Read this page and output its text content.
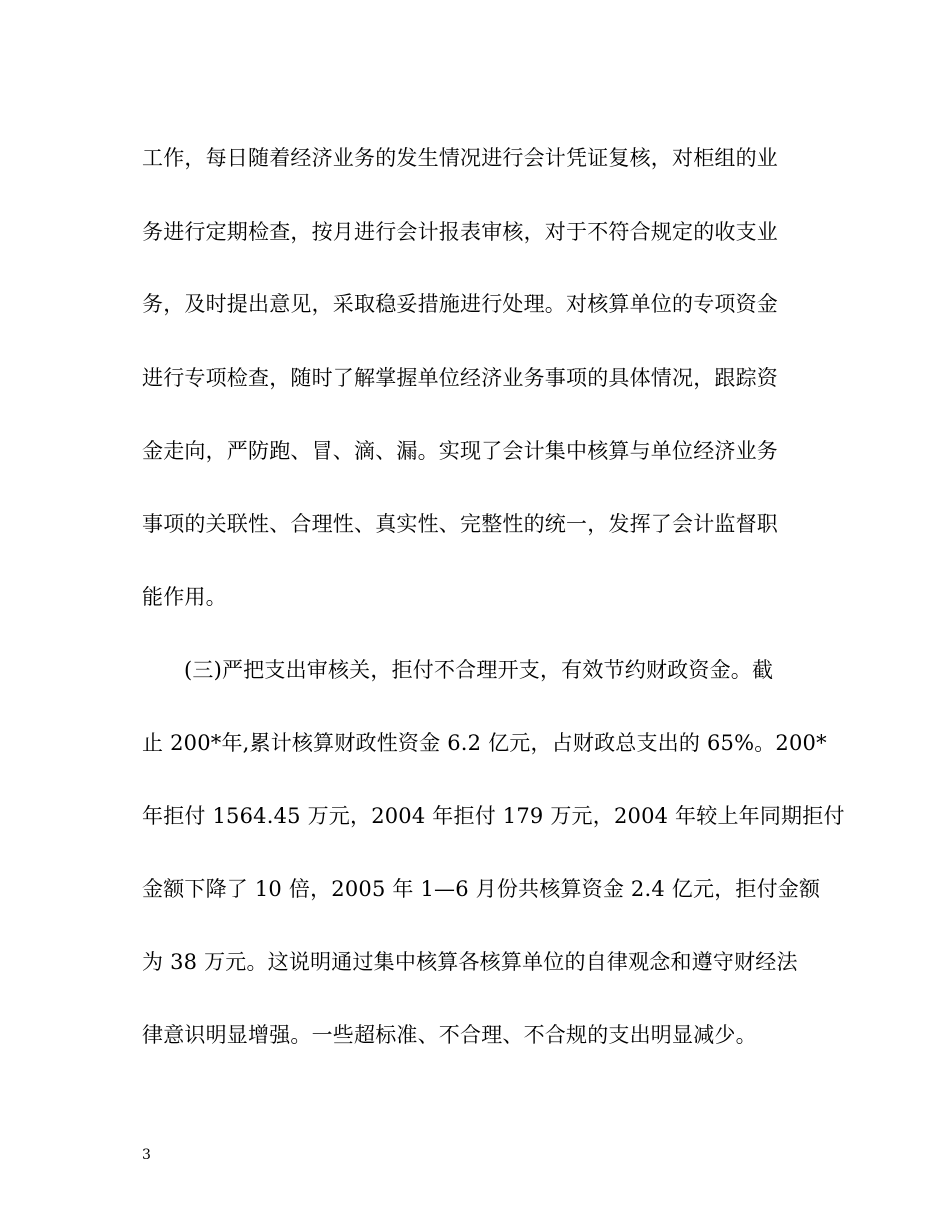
工作，每日随着经济业务的发生情况进行会计凭证复核，对柜组的业
务进行定期检查，按月进行会计报表审核，对于不符合规定的收支业
务，及时提出意见，采取稳妥措施进行处理。对核算单位的专项资金
进行专项检查，随时了解掌握单位经济业务事项的具体情况，跟踪资
金走向，严防跑、冒、滴、漏。实现了会计集中核算与单位经济业务
事项的关联性、合理性、真实性、完整性的统一，发挥了会计监督职
能作用。
(三)严把支出审核关，拒付不合理开支，有效节约财政资金。截
止 200*年,累计核算财政性资金 6.2 亿元，占财政总支出的 65%。200*
年拒付 1564.45 万元，2004 年拒付 179 万元，2004 年较上年同期拒付
金额下降了 10 倍，2005 年 1—6 月份共核算资金 2.4 亿元，拒付金额
为 38 万元。这说明通过集中核算各核算单位的自律观念和遵守财经法
律意识明显增强。一些超标准、不合理、不合规的支出明显减少。
3
